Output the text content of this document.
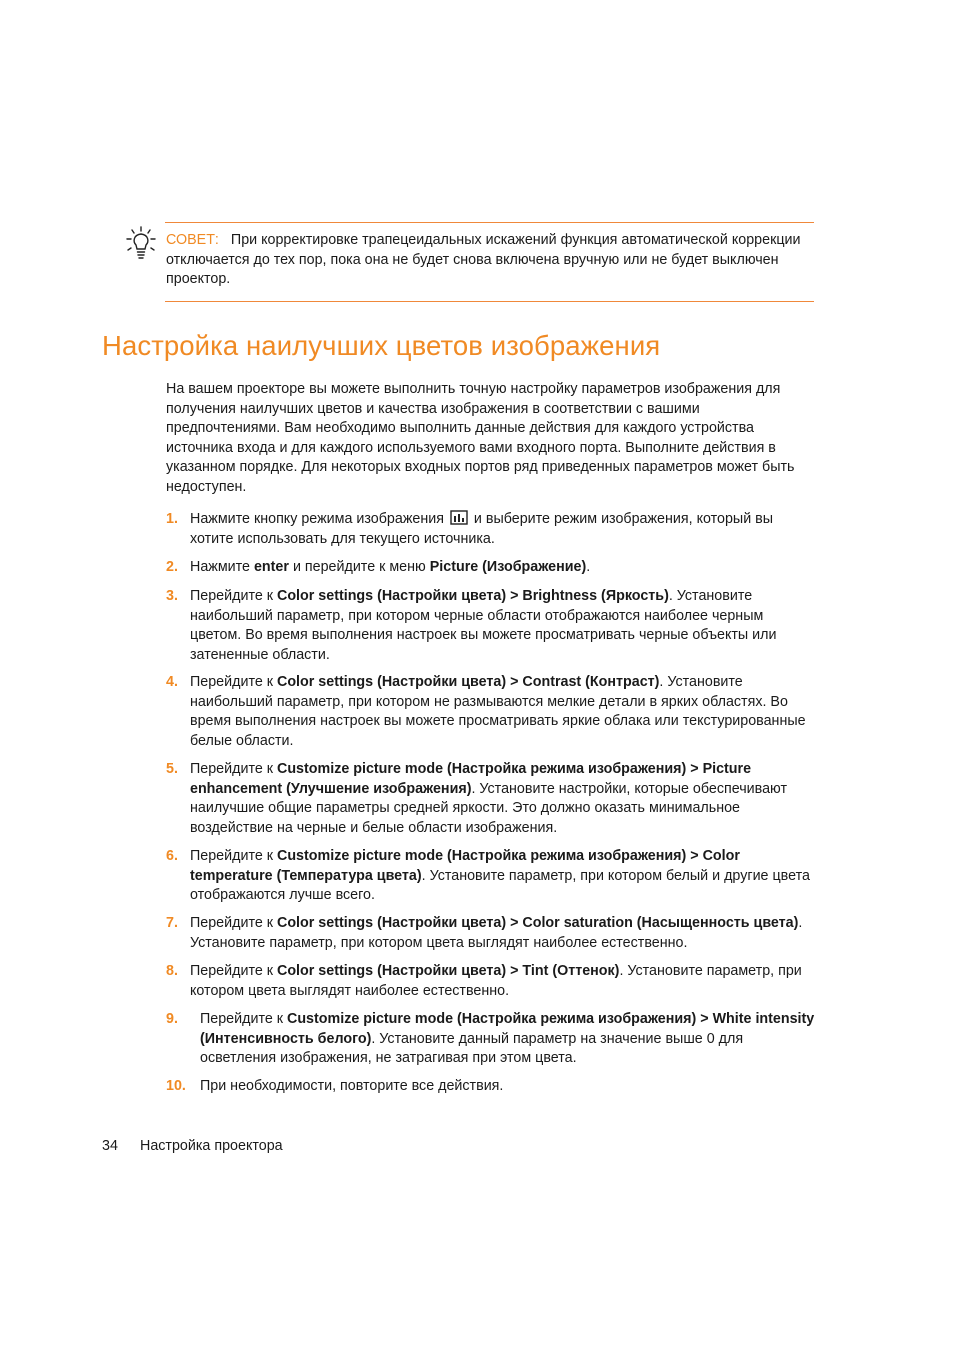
СОВЕТ: При корректировке трапецеидальных искажений функция автоматической коррекции отключается до тех пор, пока она не будет снова включена вручную или не будет выключен проектор.
Настройка наилучших цветов изображения

На вашем проекторе вы можете выполнить точную настройку параметров изображения для получения наилучших цветов и качества изображения в соответствии с вашими предпочтениями. Вам необходимо выполнить данные действия для каждого устройства источника входа и для каждого используемого вами входного порта. Выполните действия в указанном порядке. Для некоторых входных портов ряд приведенных параметров может быть недоступен.

1. Нажмите кнопку режима изображения и выберите режим изображения, который вы хотите использовать для текущего источника.
2. Нажмите enter и перейдите к меню Picture (Изображение).
3. Перейдите к Color settings (Настройки цвета) > Brightness (Яркость). Установите наибольший параметр, при котором черные области отображаются наиболее черным цветом. Во время выполнения настроек вы можете просматривать черные объекты или затененные области.
4. Перейдите к Color settings (Настройки цвета) > Contrast (Контраст). Установите наибольший параметр, при котором не размываются мелкие детали в ярких областях. Во время выполнения настроек вы можете просматривать яркие облака или текстурированные белые области.
5. Перейдите к Customize picture mode (Настройка режима изображения) > Picture enhancement (Улучшение изображения). Установите настройки, которые обеспечивают наилучшие общие параметры средней яркости. Это должно оказать минимальное воздействие на черные и белые области изображения.
6. Перейдите к Customize picture mode (Настройка режима изображения) > Color temperature (Температура цвета). Установите параметр, при котором белый и другие цвета отображаются лучше всего.
7. Перейдите к Color settings (Настройки цвета) > Color saturation (Насыщенность цвета). Установите параметр, при котором цвета выглядят наиболее естественно.
8. Перейдите к Color settings (Настройки цвета) > Tint (Оттенок). Установите параметр, при котором цвета выглядят наиболее естественно.
9. Перейдите к Customize picture mode (Настройка режима изображения) > White intensity (Интенсивность белого). Установите данный параметр на значение выше 0 для осветления изображения, не затрагивая при этом цвета.
10. При необходимости, повторите все действия.
34 Настройка проектора
